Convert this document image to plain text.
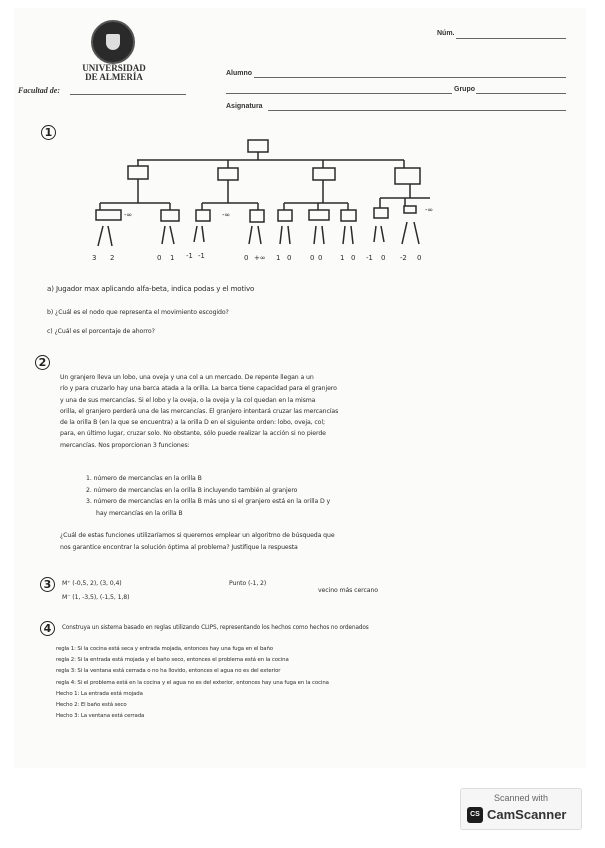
UNIVERSIDAD
DE ALMERÍA
Facultad de:
Núm.
Alumno
Grupo
Asignatura
1
3 2	0 1 -1 -1	0 +∞ 1 0	0 0	1 0 -1 0 -2 0
-∞	-∞
-∞
a) Jugador max aplicando alfa-beta, indica podas y el motivo
b) ¿Cuál es el nodo que representa el movimiento escogido?
c) ¿Cuál es el porcentaje de ahorro?
2
Un granjero lleva un lobo, una oveja y una col a un mercado. De repente llegan a un
río y para cruzarlo hay una barca atada a la orilla. La barca tiene capacidad para el granjero
y una de sus mercancías. Si el lobo y la oveja, o la oveja y la col quedan en la misma
orilla, el granjero perderá una de las mercancías. El granjero intentará cruzar las mercancías
de la orilla B (en la que se encuentra) a la orilla D en el siguiente orden: lobo, oveja, col;
para, en último lugar, cruzar solo. No obstante, sólo puede realizar la acción si no pierde
mercancías. Nos proporcionan 3 funciones:
1. número de mercancías en la orilla B
2. número de mercancías en la orilla B incluyendo también al granjero
3. número de mercancías en la orilla B más uno si el granjero está en la orilla D y
hay mercancías en la orilla B
¿Cuál de estas funciones utilizaríamos si queremos emplear un algoritmo de búsqueda que
nos garantice encontrar la solución óptima al problema? Justifique la respuesta
3	M⁺ (-0,5, 2), (3, 0,4)
M⁻ (1, -3,5), (-1,5, 1,8)
Punto (-1, 2)
vecino más cercano
4	Construya un sistema basado en reglas utilizando CLIPS, representando los hechos como hechos no ordenados
regla 1: Si la cocina está seca y entrada mojada, entonces hay una fuga en el baño
regla 2: Si la entrada está mojada y el baño seco, entonces el problema está en la cocina
regla 3: Si la ventana está cerrada o no ha llovido, entonces el agua no es del exterior
regla 4: Si el problema está en la cocina y el agua no es del exterior, entonces hay una fuga en la cocina
Hecho 1: La entrada está mojada
Hecho 2: El baño está seco
Hecho 3: La ventana está cerrada
Scanned with
CS CamScanner
